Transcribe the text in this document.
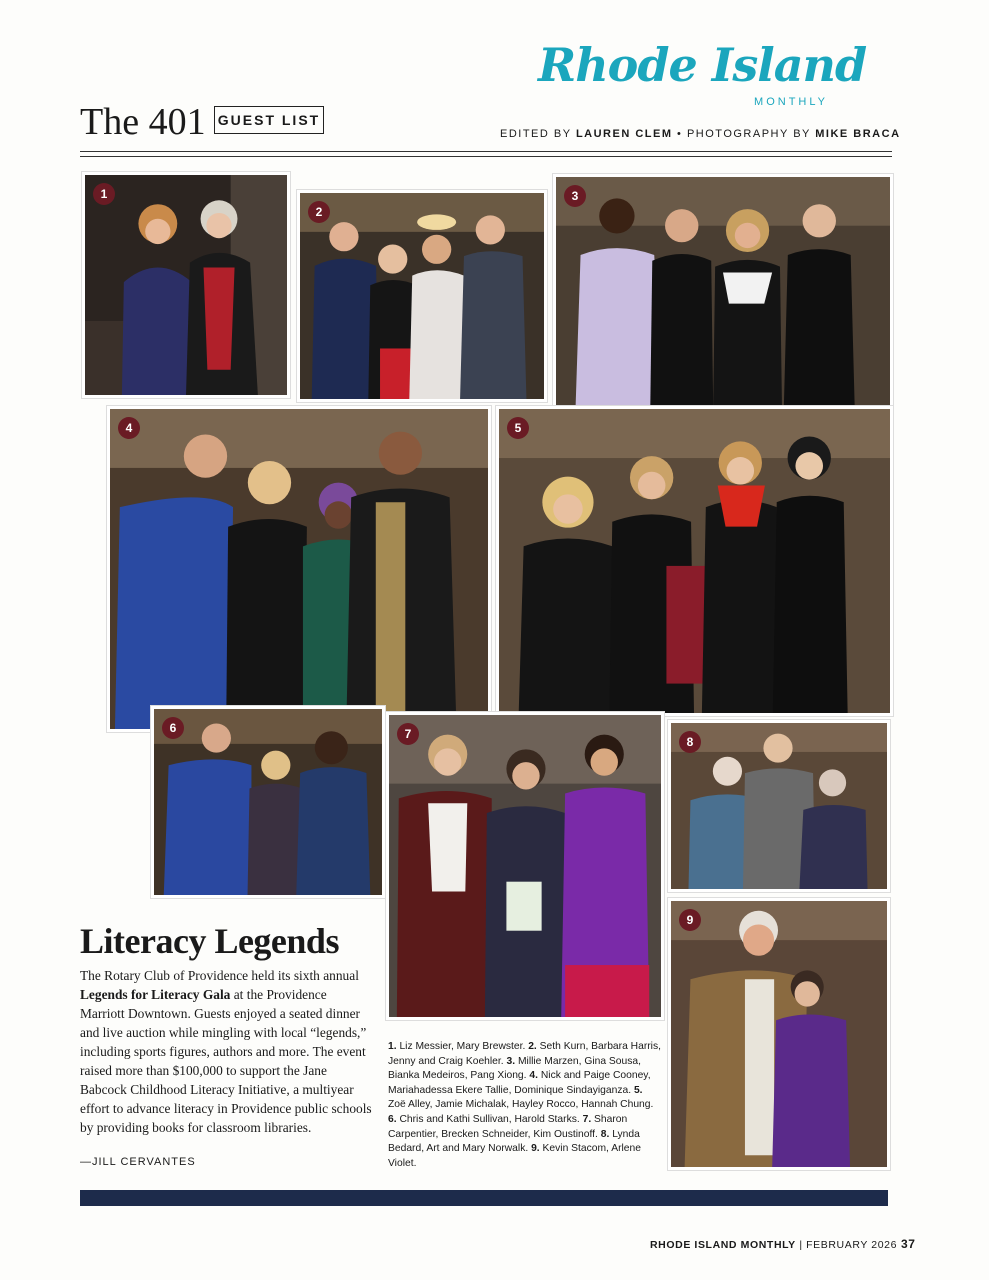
Rhode Island
MONTHLY
The 401 GUEST LIST
EDITED BY LAUREN CLEM • PHOTOGRAPHY BY MIKE BRACA
1
2
3
4	5
6	7
8
9
Literacy Legends
The Rotary Club of Providence held its sixth annual Legends for Literacy Gala at the Providence Marriott Downtown. Guests enjoyed a seated dinner and live auction while mingling with local “legends,” including sports figures, authors and more. The event raised more than $100,000 to support the Jane Babcock Childhood Literacy Initiative, a multiyear effort to advance literacy in Providence public schools by providing books for classroom libraries.
—JILL CERVANTES
1. Liz Messier, Mary Brewster. 2. Seth Kurn, Barbara Harris, Jenny and Craig Koehler. 3. Millie Marzen, Gina Sousa, Bianka Medeiros, Pang Xiong. 4. Nick and Paige Cooney, Mariahadessa Ekere Tallie, Dominique Sindayiganza. 5. Zoë Alley, Jamie Michalak, Hayley Rocco, Hannah Chung. 6. Chris and Kathi Sullivan, Harold Starks. 7. Sharon Carpentier, Brecken Schneider, Kim Oustinoff. 8. Lynda Bedard, Art and Mary Norwalk. 9. Kevin Stacom, Arlene Violet.
RHODE ISLAND MONTHLY | FEBRUARY 2026 37
